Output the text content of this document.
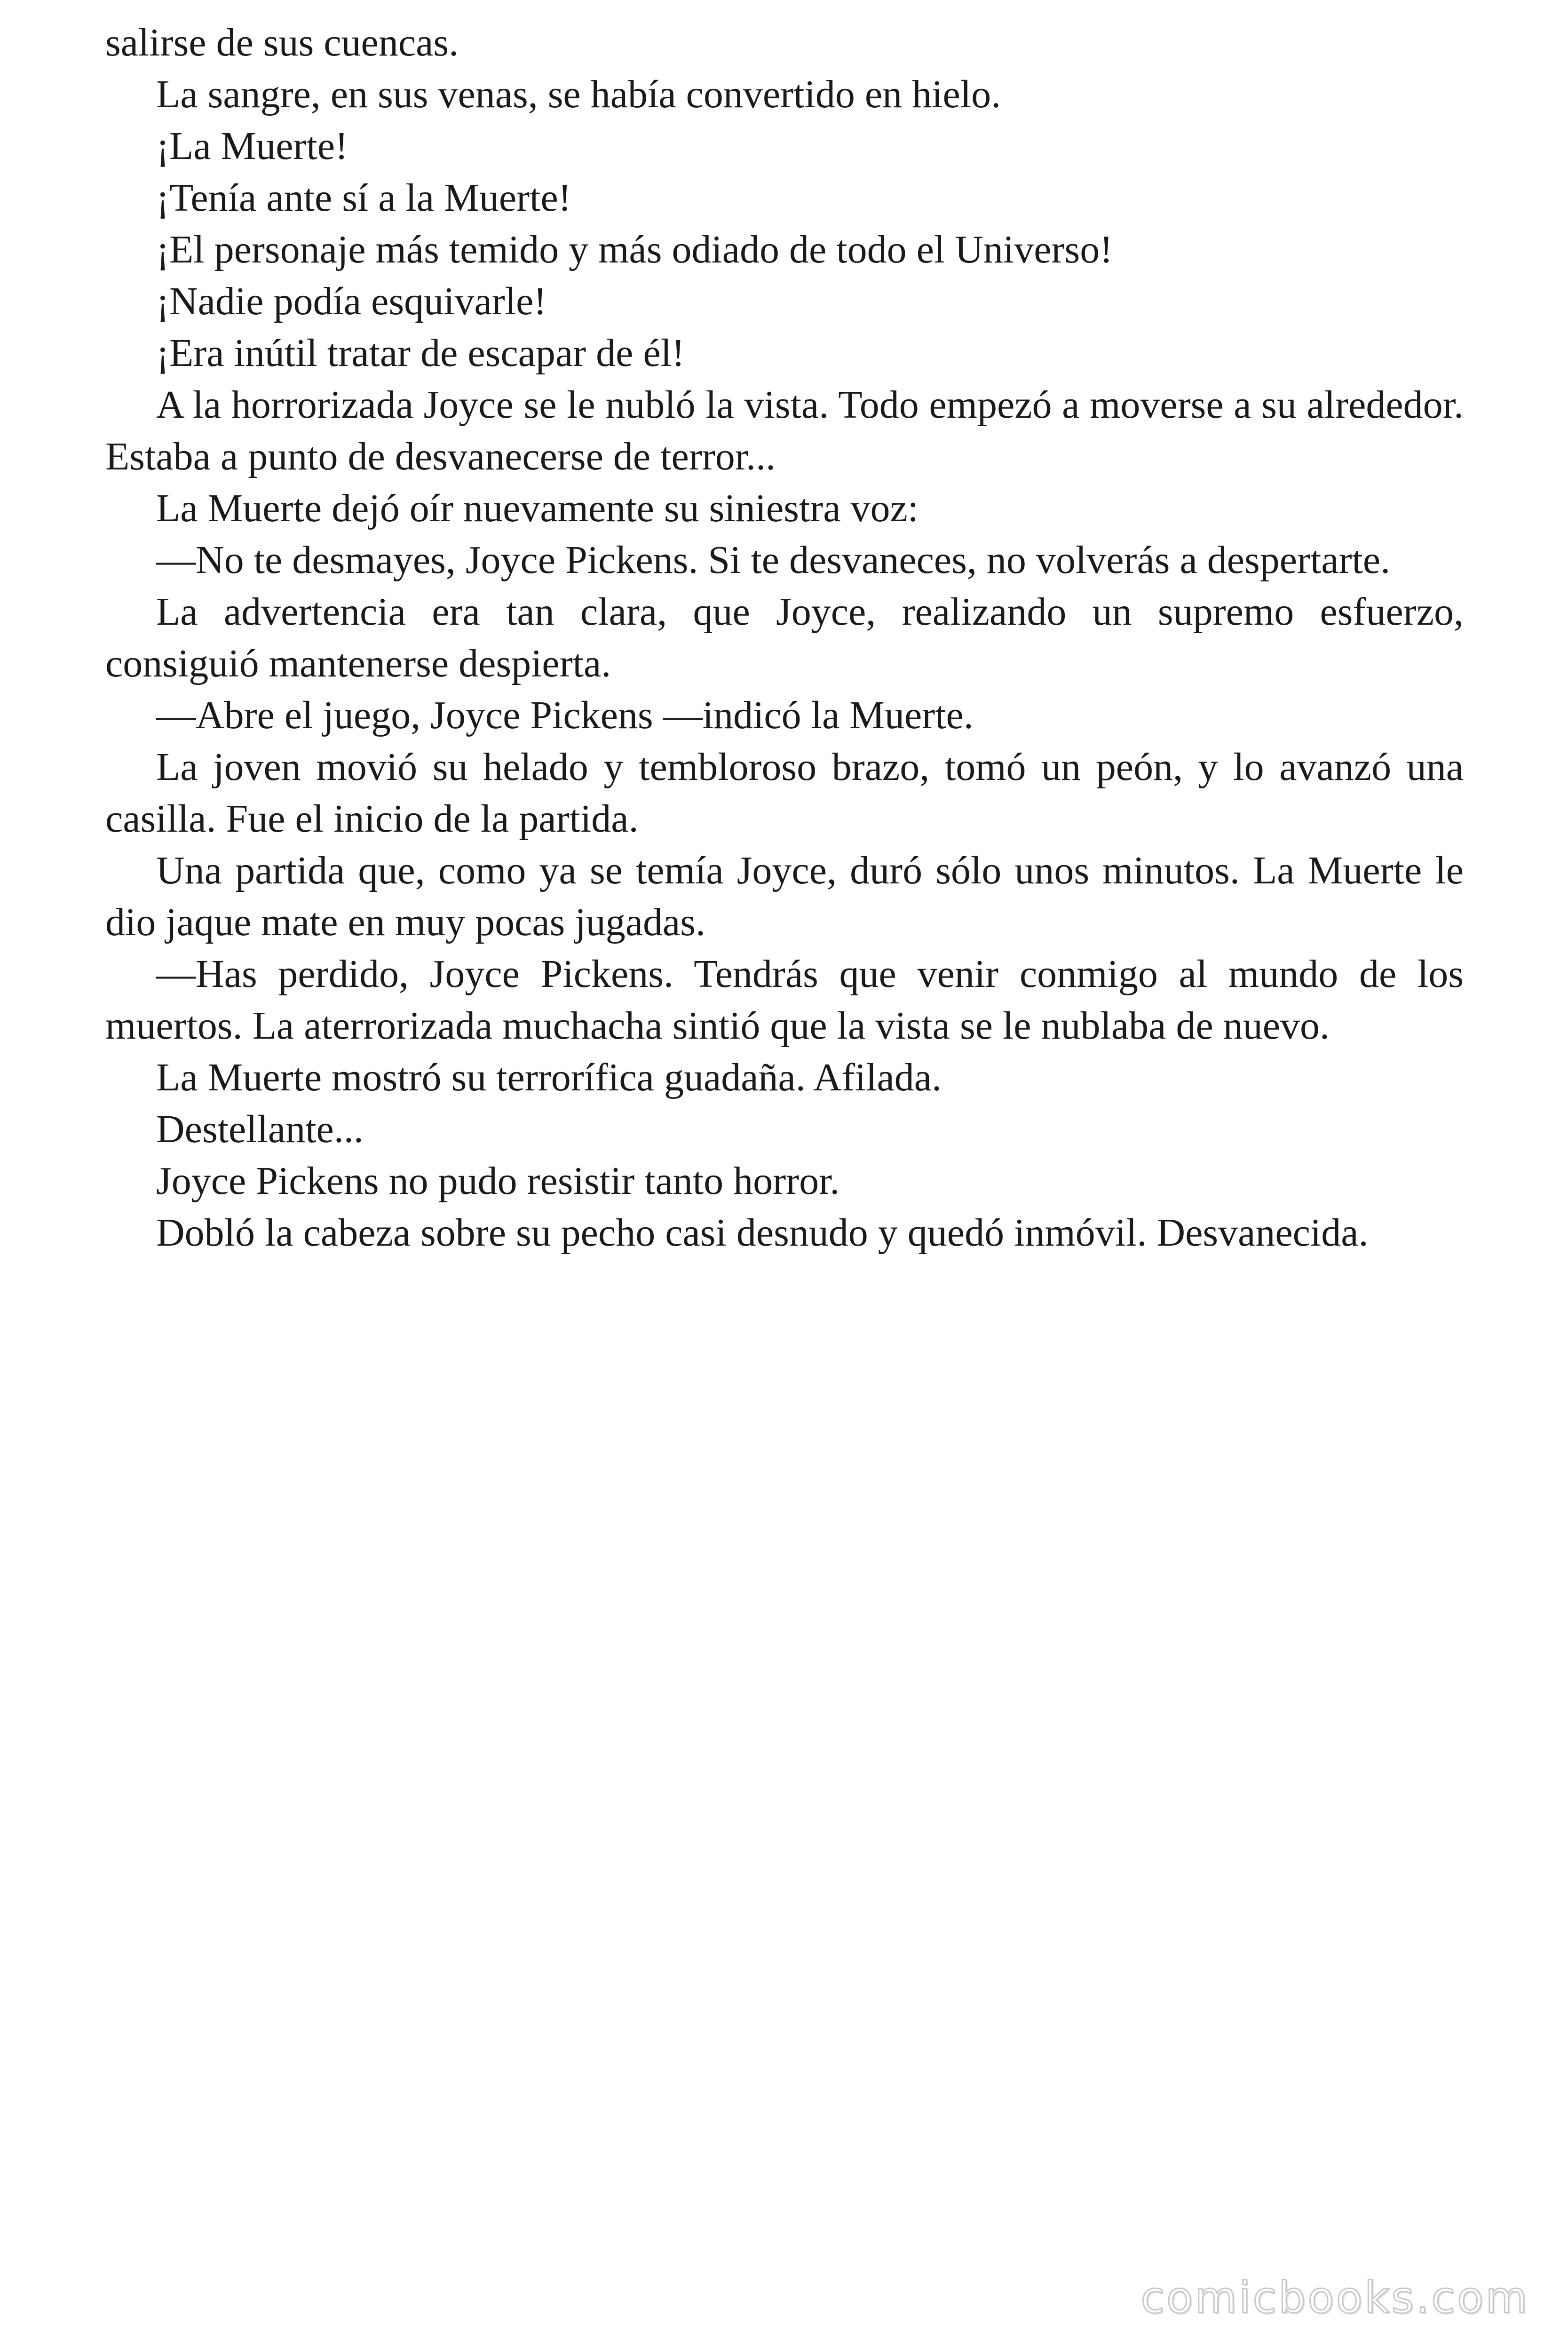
salirse de sus cuencas.

La sangre, en sus venas, se había convertido en hielo.

¡La Muerte!

¡Tenía ante sí a la Muerte!

¡El personaje más temido y más odiado de todo el Universo!

¡Nadie podía esquivarle!

¡Era inútil tratar de escapar de él!

A la horrorizada Joyce se le nubló la vista. Todo empezó a moverse a su alrededor. Estaba a punto de desvanecerse de terror...

La Muerte dejó oír nuevamente su siniestra voz:

—No te desmayes, Joyce Pickens. Si te desvaneces, no volverás a despertarte.

La advertencia era tan clara, que Joyce, realizando un supremo esfuerzo, consiguió mantenerse despierta.

—Abre el juego, Joyce Pickens —indicó la Muerte.

La joven movió su helado y tembloroso brazo, tomó un peón, y lo avanzó una casilla. Fue el inicio de la partida.

Una partida que, como ya se temía Joyce, duró sólo unos minutos. La Muerte le dio jaque mate en muy pocas jugadas.

—Has perdido, Joyce Pickens. Tendrás que venir conmigo al mundo de los muertos. La aterrorizada muchacha sintió que la vista se le nublaba de nuevo.

La Muerte mostró su terrorífica guadaña. Afilada.

Destellante...

Joyce Pickens no pudo resistir tanto horror.

Dobló la cabeza sobre su pecho casi desnudo y quedó inmóvil. Desvanecida.

comicbooks.com
